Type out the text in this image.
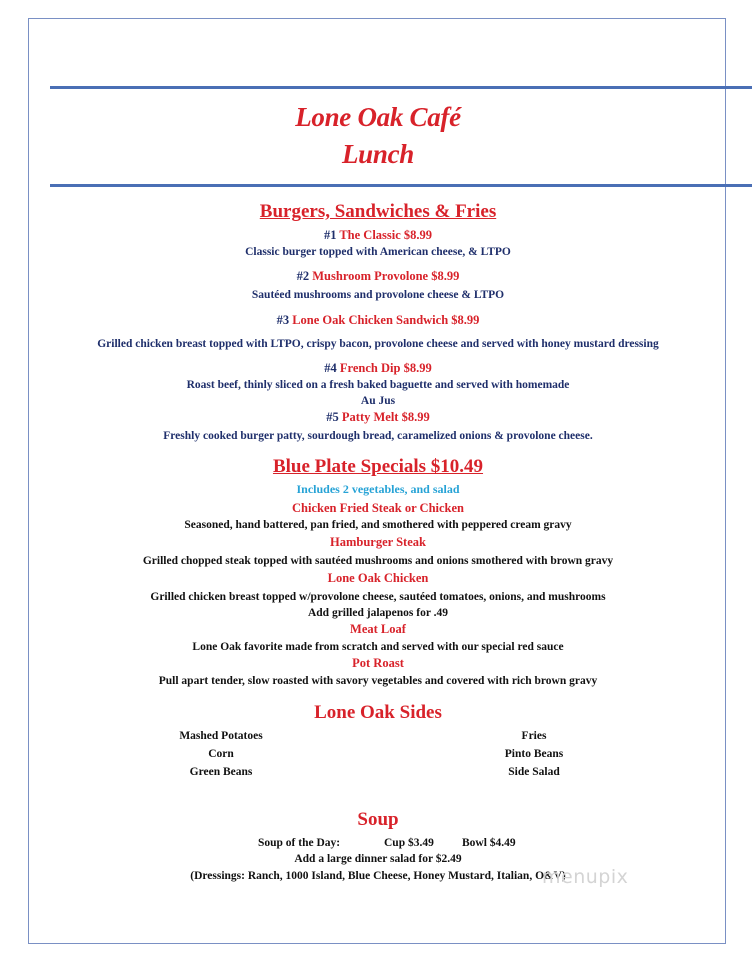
Lone Oak Café
Lunch
Burgers, Sandwiches & Fries
#1 The Classic $8.99
Classic burger topped with American cheese, & LTPO
#2 Mushroom Provolone $8.99
Sautéed mushrooms and provolone cheese & LTPO
#3 Lone Oak Chicken Sandwich $8.99
Grilled chicken breast topped with LTPO, crispy bacon, provolone cheese and served with honey mustard dressing
#4 French Dip $8.99
Roast beef, thinly sliced on a fresh baked baguette and served with homemade
Au Jus
#5 Patty Melt $8.99
Freshly cooked burger patty, sourdough bread, caramelized onions & provolone cheese.
Blue Plate Specials $10.49
Includes 2 vegetables, and salad
Chicken Fried Steak or Chicken
Seasoned, hand battered, pan fried, and smothered with peppered cream gravy
Hamburger Steak
Grilled chopped steak topped with sautéed mushrooms and onions smothered with brown gravy
Lone Oak Chicken
Grilled chicken breast topped w/provolone cheese, sautéed tomatoes, onions, and mushrooms
Add grilled jalapenos for .49
Meat Loaf
Lone Oak favorite made from scratch and served with our special red sauce
Pot Roast
Pull apart tender, slow roasted with savory vegetables and covered with rich brown gravy
Lone Oak Sides
Mashed Potatoes
Corn
Green Beans
Fries
Pinto Beans
Side Salad
Soup
Soup of the Day:	Cup $3.49 Bowl $4.49
Add a large dinner salad for $2.49
(Dressings: Ranch, 1000 Island, Blue Cheese, Honey Mustard, Italian, O&V)
menupix
